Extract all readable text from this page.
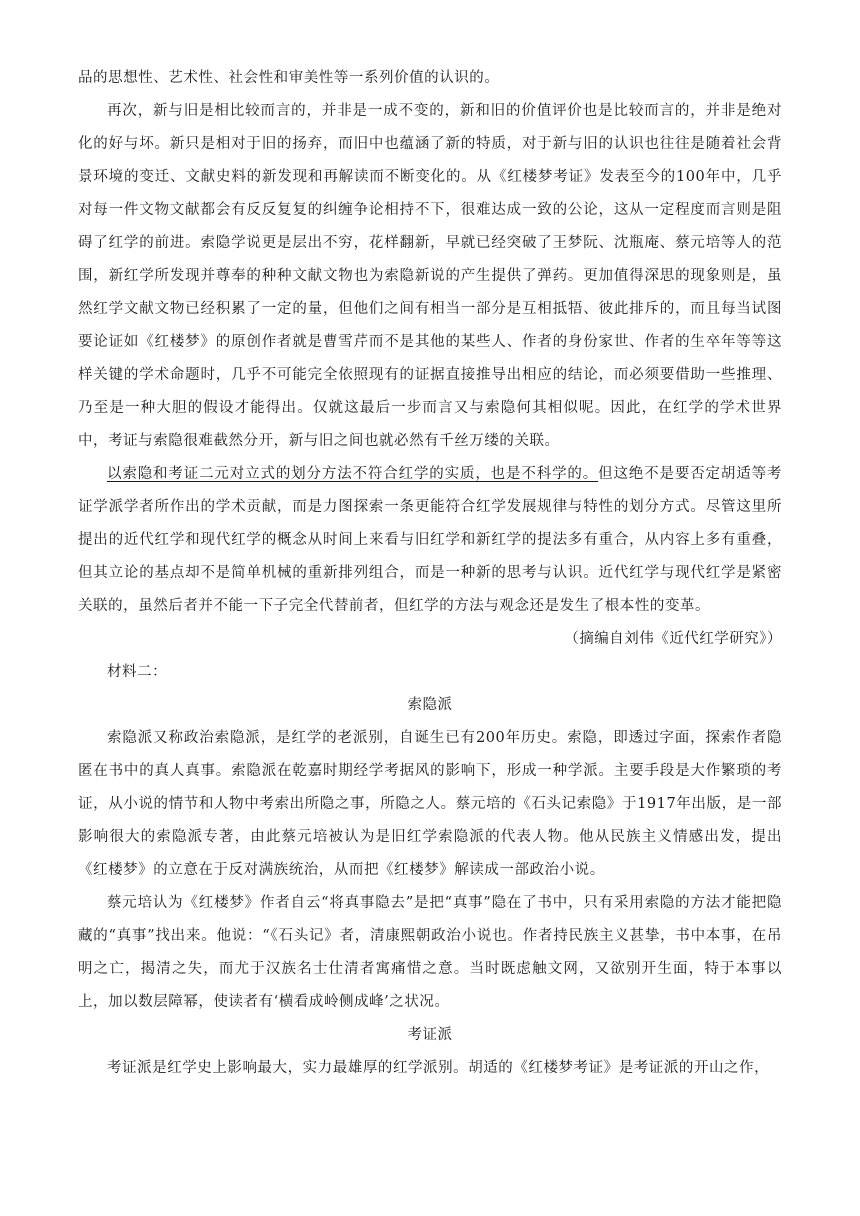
品的思想性、艺术性、社会性和审美性等一系列价值的认识的。

再次，新与旧是相比较而言的，并非是一成不变的，新和旧的价值评价也是比较而言的，并非是绝对化的好与坏。新只是相对于旧的扬弃，而旧中也蕴涵了新的特质，对于新与旧的认识也往往是随着社会背景环境的变迁、文献史料的新发现和再解读而不断变化的。从《红楼梦考证》发表至今的100年中，几乎对每一件文物文献都会有反反复复的纠缠争论相持不下，很难达成一致的公论，这从一定程度而言则是阻碍了红学的前进。索隐学说更是层出不穷，花样翻新，早就已经突破了王梦阮、沈瓶庵、蔡元培等人的范围，新红学所发现并尊奉的种种文献文物也为索隐新说的产生提供了弹药。更加值得深思的现象则是，虽然红学文献文物已经积累了一定的量，但他们之间有相当一部分是互相抵牾、彼此排斥的，而且每当试图要论证如《红楼梦》的原创作者就是曹雪芹而不是其他的某些人、作者的身份家世、作者的生卒年等等这样关键的学术命题时，几乎不可能完全依照现有的证据直接推导出相应的结论，而必须要借助一些推理、乃至是一种大胆的假设才能得出。仅就这最后一步而言又与索隐何其相似呢。因此，在红学的学术世界中，考证与索隐很难截然分开，新与旧之间也就必然有千丝万缕的关联。

以索隐和考证二元对立式的划分方法不符合红学的实质，也是不科学的。但这绝不是要否定胡适等考证学派学者所作出的学术贡献，而是力图探索一条更能符合红学发展规律与特性的划分方式。尽管这里所提出的近代红学和现代红学的概念从时间上来看与旧红学和新红学的提法多有重合，从内容上多有重叠，但其立论的基点却不是简单机械的重新排列组合，而是一种新的思考与认识。近代红学与现代红学是紧密关联的，虽然后者并不能一下子完全代替前者，但红学的方法与观念还是发生了根本性的变革。

（摘编自刘伟《近代红学研究》）

材料二：

索隐派

索隐派又称政治索隐派，是红学的老派别，自诞生已有200年历史。索隐，即透过字面，探索作者隐匿在书中的真人真事。索隐派在乾嘉时期经学考据风的影响下，形成一种学派。主要手段是大作繁琐的考证，从小说的情节和人物中考索出所隐之事，所隐之人。蔡元培的《石头记索隐》于1917年出版，是一部影响很大的索隐派专著，由此蔡元培被认为是旧红学索隐派的代表人物。他从民族主义情感出发，提出《红楼梦》的立意在于反对满族统治，从而把《红楼梦》解读成一部政治小说。

蔡元培认为《红楼梦》作者自云“将真事隐去”是把“真事”隐在了书中，只有采用索隐的方法才能把隐藏的“真事”找出来。他说：“《石头记》者，清康熙朝政治小说也。作者持民族主义甚挚，书中本事，在吊明之亡，揭清之失，而尤于汉族名士仕清者寓痛惜之意。当时既虑触文网，又欲别开生面，特于本事以上，加以数层障幂，使读者有‘横看成岭侧成峰’之状况。

考证派

考证派是红学史上影响最大，实力最雄厚的红学派别。胡适的《红楼梦考证》是考证派的开山之作，
